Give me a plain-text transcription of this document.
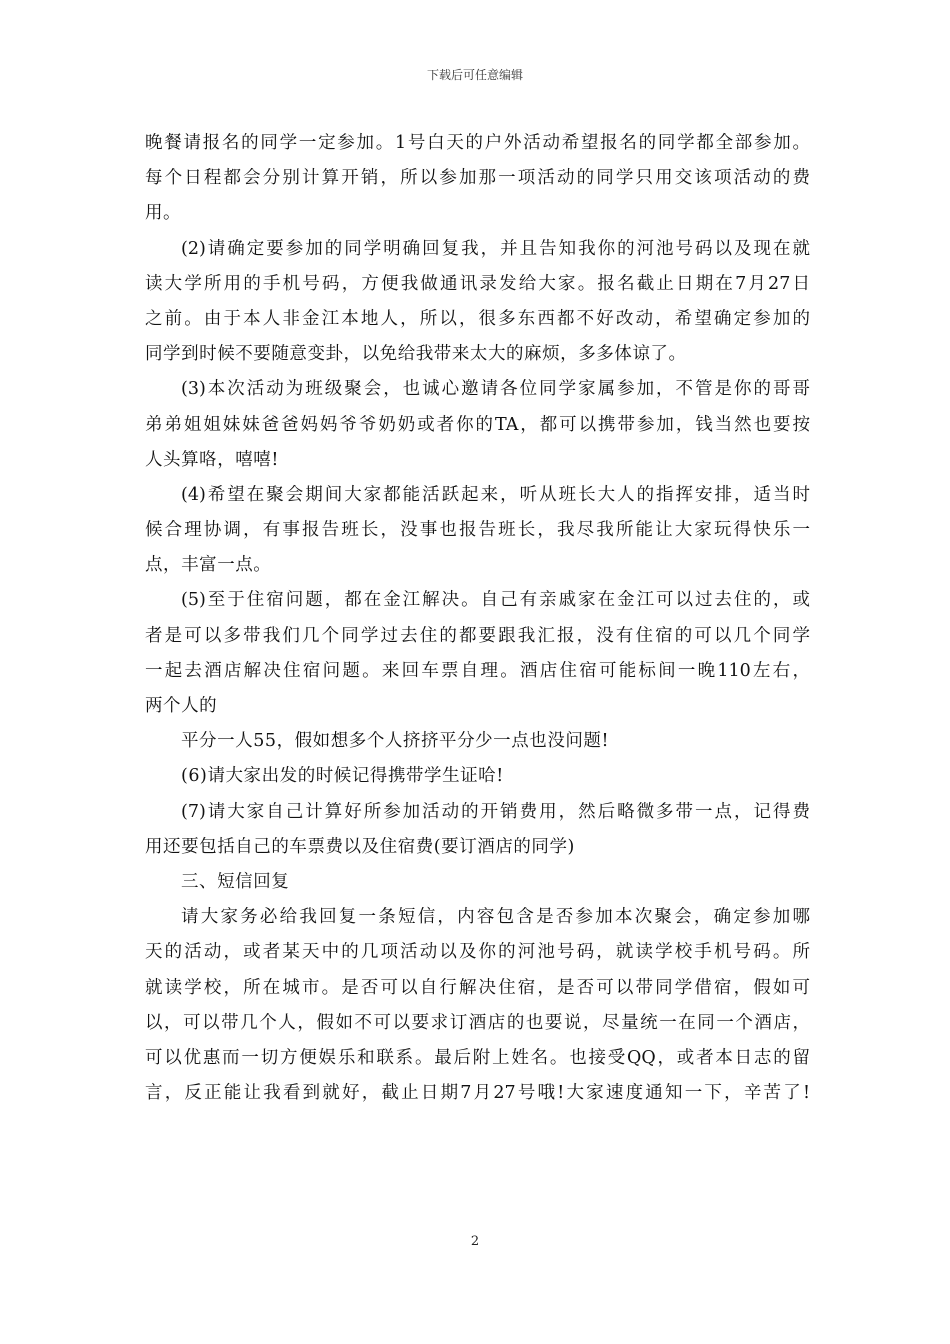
下载后可任意编辑
晚餐请报名的同学一定参加。1号白天的户外活动希望报名的同学都全部参加。
每个日程都会分别计算开销，所以参加那一项活动的同学只用交该项活动的费
用。
(2)请确定要参加的同学明确回复我，并且告知我你的河池号码以及现在就
读大学所用的手机号码，方便我做通讯录发给大家。报名截止日期在7月27日
之前。由于本人非金江本地人，所以，很多东西都不好改动，希望确定参加的
同学到时候不要随意变卦，以免给我带来太大的麻烦，多多体谅了。
(3)本次活动为班级聚会，也诚心邀请各位同学家属参加，不管是你的哥哥
弟弟姐姐妹妹爸爸妈妈爷爷奶奶或者你的TA，都可以携带参加，钱当然也要按
人头算咯，嘻嘻!
(4)希望在聚会期间大家都能活跃起来，听从班长大人的指挥安排，适当时
候合理协调，有事报告班长，没事也报告班长，我尽我所能让大家玩得快乐一
点，丰富一点。
(5)至于住宿问题，都在金江解决。自己有亲戚家在金江可以过去住的，或
者是可以多带我们几个同学过去住的都要跟我汇报，没有住宿的可以几个同学
一起去酒店解决住宿问题。来回车票自理。酒店住宿可能标间一晚110左右，
两个人的
平分一人55，假如想多个人挤挤平分少一点也没问题!
(6)请大家出发的时候记得携带学生证哈!
(7)请大家自己计算好所参加活动的开销费用，然后略微多带一点，记得费
用还要包括自己的车票费以及住宿费(要订酒店的同学)
三、短信回复
请大家务必给我回复一条短信，内容包含是否参加本次聚会，确定参加哪
天的活动，或者某天中的几项活动以及你的河池号码，就读学校手机号码。所
就读学校，所在城市。是否可以自行解决住宿，是否可以带同学借宿，假如可
以，可以带几个人，假如不可以要求订酒店的也要说，尽量统一在同一个酒店，
可以优惠而一切方便娱乐和联系。最后附上姓名。也接受QQ，或者本日志的留
言，反正能让我看到就好，截止日期7月27号哦!大家速度通知一下，辛苦了!
2
